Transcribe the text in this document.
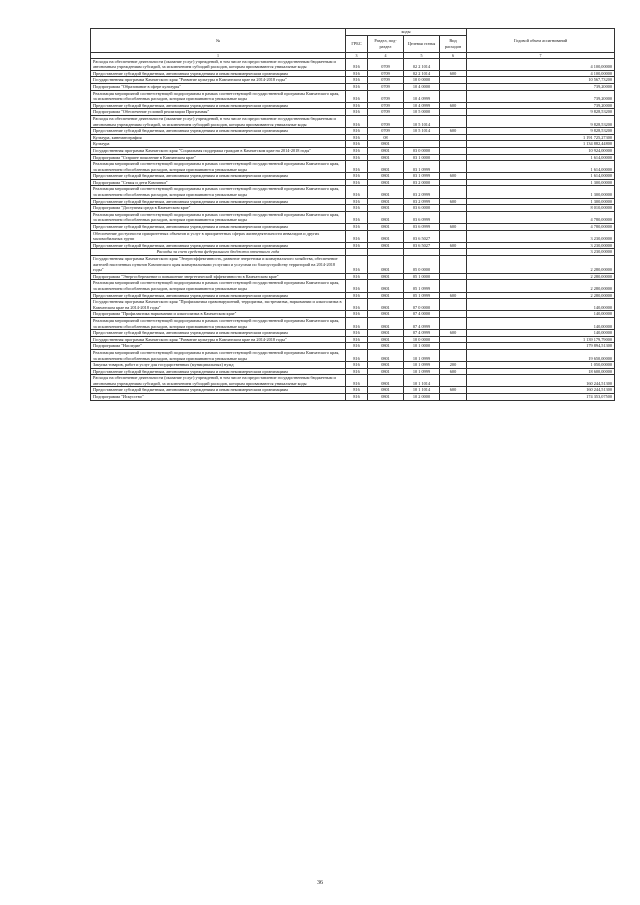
№	коды				Годовой объем ассигнований
	ГРБС	Раздел, под-раздел	Целевая статья	Вид расходов	
1	3	4	5	6	7
Расходы на обеспечение деятельности (оказание услуг) учреждений, в том числе на предоставление государственным бюджетным и автономным учреждениям субсидий, за исключением субсидий расходов, которым присваиваются уникальные коды	816	0709	02 2 1014		4 100,00000
Предоставление субсидий бюджетным, автономным учреждениям и иным некоммерческим организациям	816	0709	02 2 1014	600	4 100,00000
Государственная программа Камчатского края "Развитие культуры в Камчатском крае на 2014-2018 годы"	816	0709	10 0 0000		10 567,73200
Подпрограмма "Образование в сфере культуры"	816	0709	10 4 0000		739,20000
Реализация мероприятий соответствующей подпрограммы в рамках соответствующей государственной программы Камчатского края, за исключением обособленных расходов, которым присваиваются уникальные коды	816	0709	10 4 0999		739,20000
Предоставление субсидий бюджетным, автономным учреждениям и иным некоммерческим организациям	816	0709	10 4 0999	600	739,20000
Подпрограмма "Обеспечение условий реализации Программы"	816	0709	10 5 0000		9 828,53200
Расходы на обеспечение деятельности (оказание услуг) учреждений, в том числе на предоставление государственным бюджетным и автономным учреждениям субсидий, за исключением субсидий расходов, которым присваиваются уникальные коды	816	0709	10 5 1014		9 828,53200
Предоставление субсидий бюджетным, автономным учреждениям и иным некоммерческим организациям	816	0709	10 5 1014	600	9 828,53200
Культура, кинематография	816	08			1 191 725,27300
Культура	816	0801			1 134 882,44800
Государственная программа Камчатского края "Социальная поддержка граждан в Камчатском крае на 2014-2018 годы"	816	0801	03 0 0000		10 924,00000
Подпрограмма "Старшее поколение в Камчатском крае"	816	0801	03 1 0000		1 614,00000
Реализация мероприятий соответствующей подпрограммы в рамках соответствующей государственной программы Камчатского края, за исключением обособленных расходов, которым присваиваются уникальные коды	816	0801	03 1 0999		1 614,00000
Предоставление субсидий бюджетным, автономным учреждениям и иным некоммерческим организациям	816	0801	03 1 0999	600	1 614,00000
Подпрограмма "Семья и дети Камчатки"	816	0801	03 2 0000		1 300,00000
Реализация мероприятий соответствующей подпрограммы в рамках соответствующей государственной программы Камчатского края, за исключением обособленных расходов, которым присваиваются уникальные коды	816	0801	03 2 0999		1 300,00000
Предоставление субсидий бюджетным, автономным учреждениям и иным некоммерческим организациям	816	0801	03 2 0999	600	1 300,00000
Подпрограмма "Доступная среда в Камчатском крае"	816	0801	03 6 0000		8 010,00000
Реализация мероприятий соответствующей подпрограммы в рамках соответствующей государственной программы Камчатского края, за исключением обособленных расходов, которым присваиваются уникальные коды	816	0801	03 6 0999		4 780,00000
Предоставление субсидий бюджетным, автономным учреждениям и иным некоммерческим организациям	816	0801	03 6 0999	600	4 780,00000
Обеспечение доступности приоритетных объектов и услуг в приоритетных сферах жизнедеятельности инвалидов и других маломобильных групп	816	0801	03 6 5027		3 230,00000
Предоставление субсидий бюджетным, автономным учреждениям и иным некоммерческим организациям	816	0801	03 6 5027	600	3 230,00000
Расходы за счет средств федерального бюджета отчетного года					3 230,00000
Государственная программа Камчатского края "Энергоэффективность, развитие энергетики и коммунального хозяйства, обеспечение жителей населенных пунктов Камчатского края коммунальными услугами и услугами по благоустройству территорий на 2014-2018 годы"	816	0801	05 0 0000		2 280,00000
Подпрограмма "Энергосбережение и повышение энергетической эффективности в Камчатском крае"	816	0801	05 1 0000		2 280,00000
Реализация мероприятий соответствующей подпрограммы в рамках соответствующей государственной программы Камчатского края, за исключением обособленных расходов, которым присваиваются уникальные коды	816	0801	05 1 0999		2 280,00000
Предоставление субсидий бюджетным, автономным учреждениям и иным некоммерческим организациям	816	0801	05 1 0999	600	2 280,00000
Государственная программа Камчатского края "Профилактика правонарушений, терроризма, экстремизма, наркомании и алкоголизма в Камчатском крае на 2014-2018 годы"	816	0801	07 0 0000		140,00000
Подпрограмма "Профилактика наркомании и алкоголизма в Камчатском крае"	816	0801	07 4 0000		140,00000
Реализация мероприятий соответствующей подпрограммы в рамках соответствующей государственной программы Камчатского края, за исключением обособленных расходов, которым присваиваются уникальные коды	816	0801	07 4 0999		140,00000
Предоставление субсидий бюджетным, автономным учреждениям и иным некоммерческим организациям	816	0801	07 4 0999	600	140,00000
Государственная программа Камчатского края "Развитие культуры в Камчатском крае на 2014-2018 годы"	816	0801	10 0 0000		1 139 179,79000
Подпрограмма "Наследие"	816	0801	10 1 0000		179 894,51300
Реализация мероприятий соответствующей подпрограммы в рамках соответствующей государственной программы Камчатского края, за исключением обособленных расходов, которым присваиваются уникальные коды	816	0801	10 1 0999		19 650,00000
Закупка товаров, работ и услуг для государственных (муниципальных) нужд	816	0801	10 1 0999	200	1 050,00000
Предоставление субсидий бюджетным, автономным учреждениям и иным некоммерческим организациям	816	0801	10 1 0999	600	18 600,00000
Расходы на обеспечение деятельности (оказание услуг) учреждений, в том числе на предоставление государственным бюджетным и автономным учреждениям субсидий, за исключением субсидий расходов, которым присваиваются уникальные коды	816	0801	10 1 1014		160 244,51300
Предоставление субсидий бюджетным, автономным учреждениям и иным некоммерческим организациям	816	0801	10 1 1014	600	160 244,51300
Подпрограмма "Искусство"	816	0801	10 2 0000		174 353,07500
36
